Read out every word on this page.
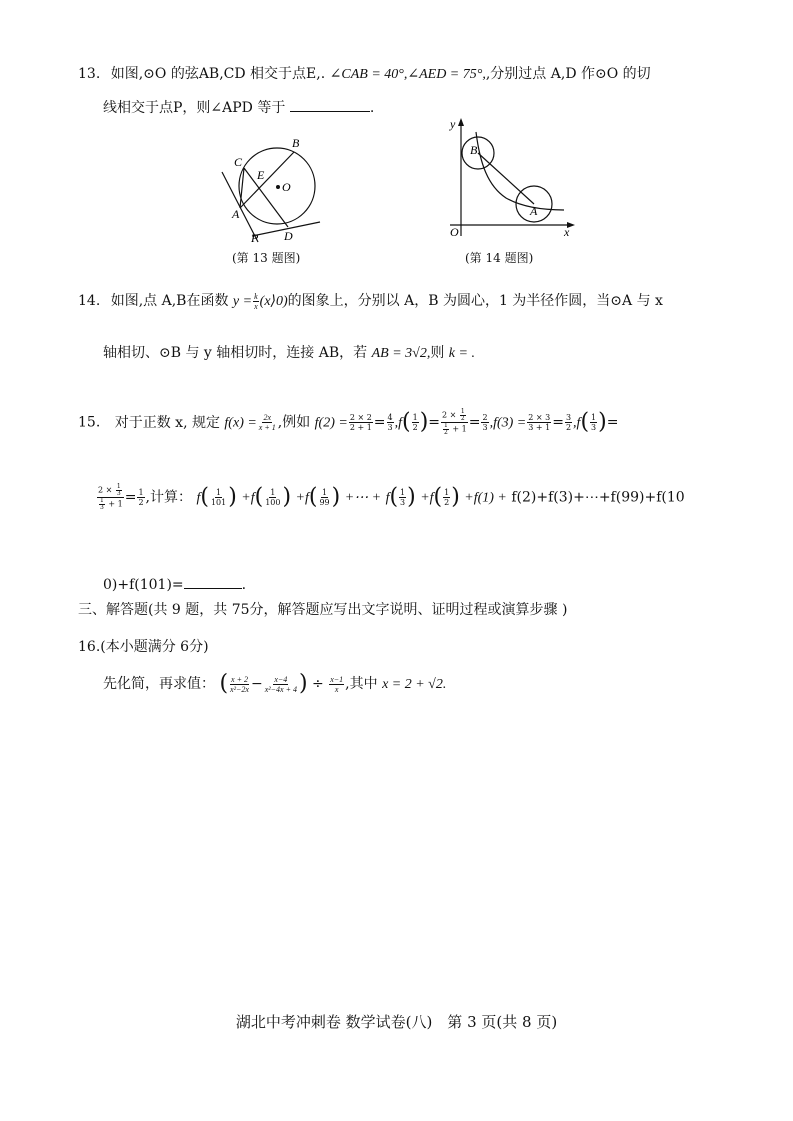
13. 如图,⊙O 的弦AB,CD 相交于点E,. ∠CAB = 40°,∠AED = 75°,,分别过点 A,D 作⊙O 的切
线相交于点P，则∠APD 等于	.
B
C
E
O
A
P D
(第 13 题图)
y
B
A
O	x
(第 14 题图)
14. 如图,点 A,B在函数 $y = \frac{k}{x}$ (x⟩0)的图象上，分别以 A，B 为圆心，1 为半径作圆，当⊙A 与 x
轴相切、⊙B 与 y 轴相切时，连接 AB，若 AB = 3√2,则 k = .
15. 对于正数 x, 规定 $f(x) = \frac{2x}{x + 1}$ ,例如 $f(2) = \frac{2 \times 2}{2 + 1} = \frac{4}{3} ,f( \frac{1}{2}$ )= $\frac{2 \times \frac{1}{2}}{\frac{1}{2} + 1} = \frac{2}{3} ,f(3) = \frac{2 \times 3}{3 + 1} = \frac{3}{2} ,f( \frac{1}{3}$ )=
$\frac{2 \times \frac{1}{3}}{\frac{1}{3} + 1} = \frac{1}{2}$ ,计算： $f( \frac{1}{101}$ ) $+f( \frac{1}{100}$ ) $+f( \frac{1}{99}$ ) +⋯ + $f( \frac{1}{3}$ ) $+f( \frac{1}{2}$ ) +f(1) + f(2)+f(3)+⋯+f(99)+f(10
0)+f(101)=	.
三、解答题(共 9 题，共 75分，解答题应写出文字说明、证明过程或演算步骤 )
16.(本小题满分 6分)
先化简，再求值： ( $\frac{x + 2}{\text{x²−2x}} - \frac{x-4}{\text{x²−4x + 4}}$ ) ÷ $\frac{x-1}{x}$ ,其中 x = 2 + √2.
湖北中考冲刺卷 数学试卷(八)　第 3 页(共 8 页)
